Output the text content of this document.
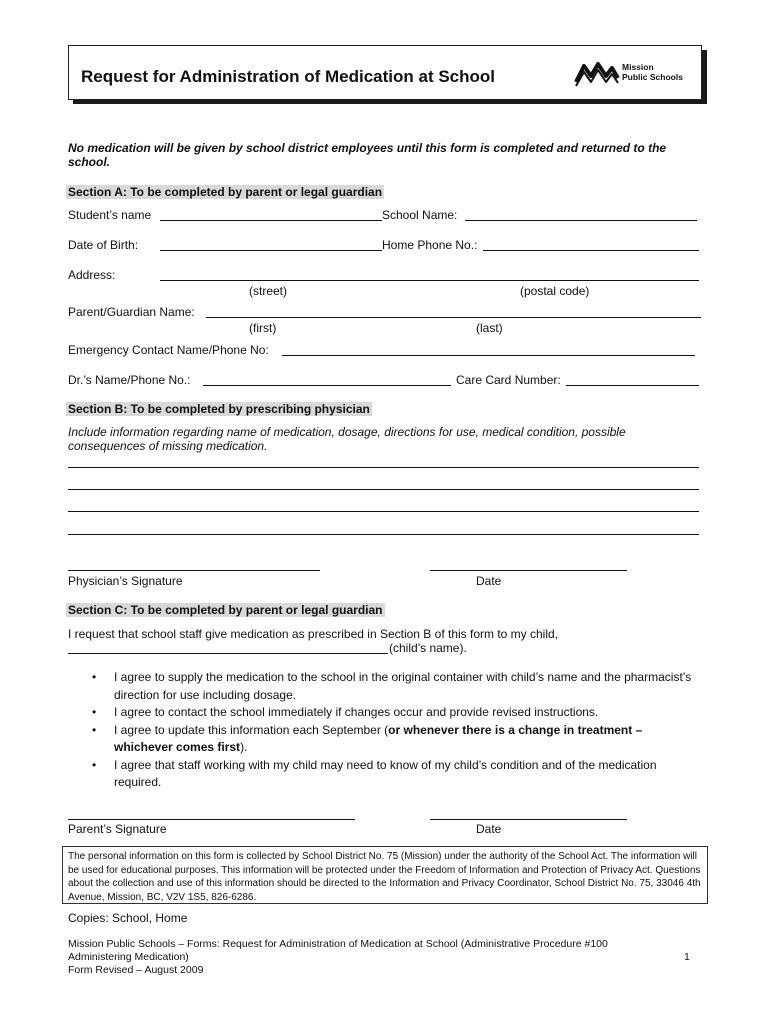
Request for Administration of Medication at School	Mission
Public Schools
No medication will be given by school district employees until this form is completed and returned to the
school.
Section A: To be completed by parent or legal guardian
Student’s name	School Name:
Date of Birth:	Home Phone No.:
Address:
(street)	(postal code)
Parent/Guardian Name:
(first)	(last)
Emergency Contact Name/Phone No:
Dr.’s Name/Phone No.:	Care Card Number:
Section B: To be completed by prescribing physician
Include information regarding name of medication, dosage, directions for use, medical condition, possible
consequences of missing medication.
Physician’s Signature	Date
Section C: To be completed by parent or legal guardian
I request that school staff give medication as prescribed in Section B of this form to my child,
(child’s name).
• I agree to supply the medication to the school in the original container with child’s name and the pharmacist’s direction for use including dosage.
• I agree to contact the school immediately if changes occur and provide revised instructions.
• I agree to update this information each September (or whenever there is a change in treatment – whichever comes first).
• I agree that staff working with my child may need to know of my child’s condition and of the medication required.
Parent’s Signature	Date
The personal information on this form is collected by School District No. 75 (Mission) under the authority of the School Act. The information will be used for educational purposes. This information will be protected under the Freedom of Information and Protection of Privacy Act. Questions about the collection and use of this information should be directed to the Information and Privacy Coordinator, School District No. 75, 33046 4th Avenue, Mission, BC, V2V 1S5, 826-6286.
Copies: School, Home
Mission Public Schools – Forms: Request for Administration of Medication at School (Administrative Procedure #100
Administering Medication)
Form Revised – August 2009
1
